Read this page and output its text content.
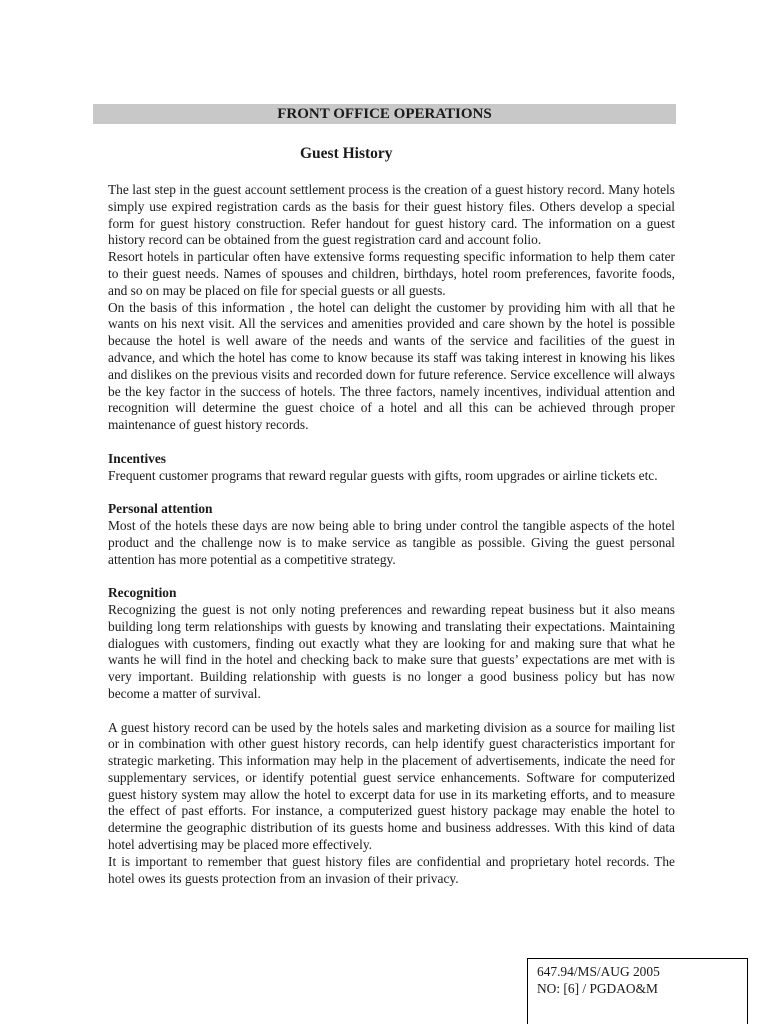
FRONT OFFICE OPERATIONS
Guest History

The last step in the guest account settlement process is the creation of a guest history record. Many hotels simply use expired registration cards as the basis for their guest history files. Others develop a special form for guest history construction. Refer handout for guest history card. The information on a guest history record can be obtained from the guest registration card and account folio.

Resort hotels in particular often have extensive forms requesting specific information to help them cater to their guest needs. Names of spouses and children, birthdays, hotel room preferences, favorite foods, and so on may be placed on file for special guests or all guests.

On the basis of this information , the hotel can delight the customer by providing him with all that he wants on his next visit. All the services and amenities provided and care shown by the hotel is possible because the hotel is well aware of the needs and wants of the service and facilities of the guest in advance, and which the hotel has come to know because its staff was taking interest in knowing his likes and dislikes on the previous visits and recorded down for future reference. Service excellence will always be the key factor in the success of hotels. The three factors, namely incentives, individual attention and recognition will determine the guest choice of a hotel and all this can be achieved through proper maintenance of guest history records.

Incentives

Frequent customer programs that reward regular guests with gifts, room upgrades or airline tickets etc.

Personal attention

Most of the hotels these days are now being able to bring under control the tangible aspects of the hotel product and the challenge now is to make service as tangible as possible. Giving the guest personal attention has more potential as a competitive strategy.

Recognition

Recognizing the guest is not only noting preferences and rewarding repeat business but it also means building long term relationships with guests by knowing and translating their expectations. Maintaining dialogues with customers, finding out exactly what they are looking for and making sure that what he wants he will find in the hotel and checking back to make sure that guests’ expectations are met with is very important. Building relationship with guests is no longer a good business policy but has now become a matter of survival.

A guest history record can be used by the hotels sales and marketing division as a source for mailing list or in combination with other guest history records, can help identify guest characteristics important for strategic marketing. This information may help in the placement of advertisements, indicate the need for supplementary services, or identify potential guest service enhancements. Software for computerized guest history system may allow the hotel to excerpt data for use in its marketing efforts, and to measure the effect of past efforts. For instance, a computerized guest history package may enable the hotel to determine the geographic distribution of its guests home and business addresses. With this kind of data hotel advertising may be placed more effectively.

It is important to remember that guest history files are confidential and proprietary hotel records. The hotel owes its guests protection from an invasion of their privacy.

647.94/MS/AUG 2005
NO: [6] / PGDAO&M
